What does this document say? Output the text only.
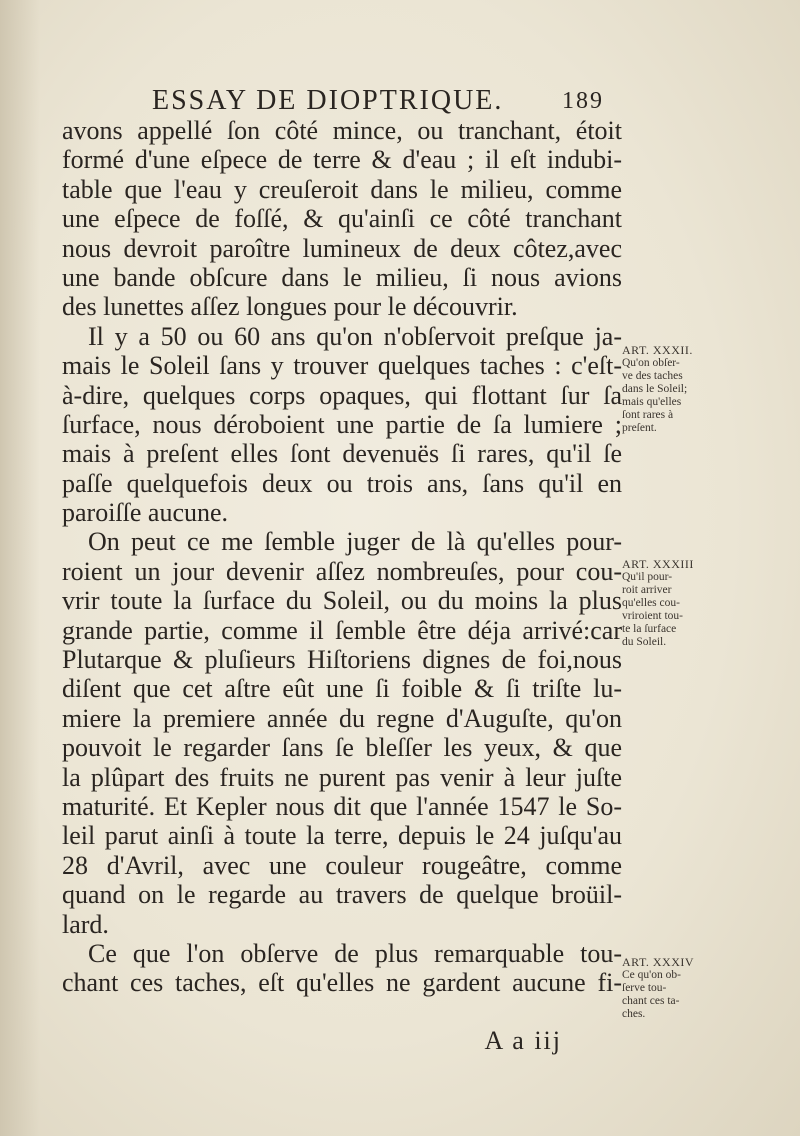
ESSAY DE DIOPTRIQUE. 189
avons appellé ſon côté mince, ou tranchant, étoit
formé d'une eſpece de terre & d'eau ; il eſt indubi-
table que l'eau y creuſeroit dans le milieu, comme
une eſpece de foſſé, & qu'ainſi ce côté tranchant
nous devroit paroître lumineux de deux côtez,avec
une bande obſcure dans le milieu, ſi nous avions
des lunettes aſſez longues pour le découvrir.
Il y a 50 ou 60 ans qu'on n'obſervoit preſque ja-
mais le Soleil ſans y trouver quelques taches : c'eſt-
à-dire, quelques corps opaques, qui flottant ſur ſa
ſurface, nous déroboient une partie de ſa lumiere ;
mais à preſent elles ſont devenuës ſi rares, qu'il ſe
paſſe quelquefois deux ou trois ans, ſans qu'il en
paroiſſe aucune.
On peut ce me ſemble juger de là qu'elles pour-
roient un jour devenir aſſez nombreuſes, pour cou-
vrir toute la ſurface du Soleil, ou du moins la plus
grande partie, comme il ſemble être déja arrivé:car
Plutarque & pluſieurs Hiſtoriens dignes de foi,nous
diſent que cet aſtre eût une ſi foible & ſi triſte lu-
miere la premiere année du regne d'Auguſte, qu'on
pouvoit le regarder ſans ſe bleſſer les yeux, & que
la plûpart des fruits ne purent pas venir à leur juſte
maturité. Et Kepler nous dit que l'année 1547 le So-
leil parut ainſi à toute la terre, depuis le 24 juſqu'au
28 d'Avril, avec une couleur rougeâtre, comme
quand on le regarde au travers de quelque broüil-
lard.
Ce que l'on obſerve de plus remarquable tou-
chant ces taches, eſt qu'elles ne gardent aucune fi-
ART. XXXII.
Qu'on obſer-
ve des taches
dans le Soleil;
mais qu'elles
ſont rares à
preſent.
ART. XXXIII
Qu'il pour-
roit arriver
qu'elles cou-
vriroient tou-
te la ſurface
du Soleil.
ART. XXXIV
Ce qu'on ob-
ſerve tou-
chant ces ta-
ches.
A a iij
